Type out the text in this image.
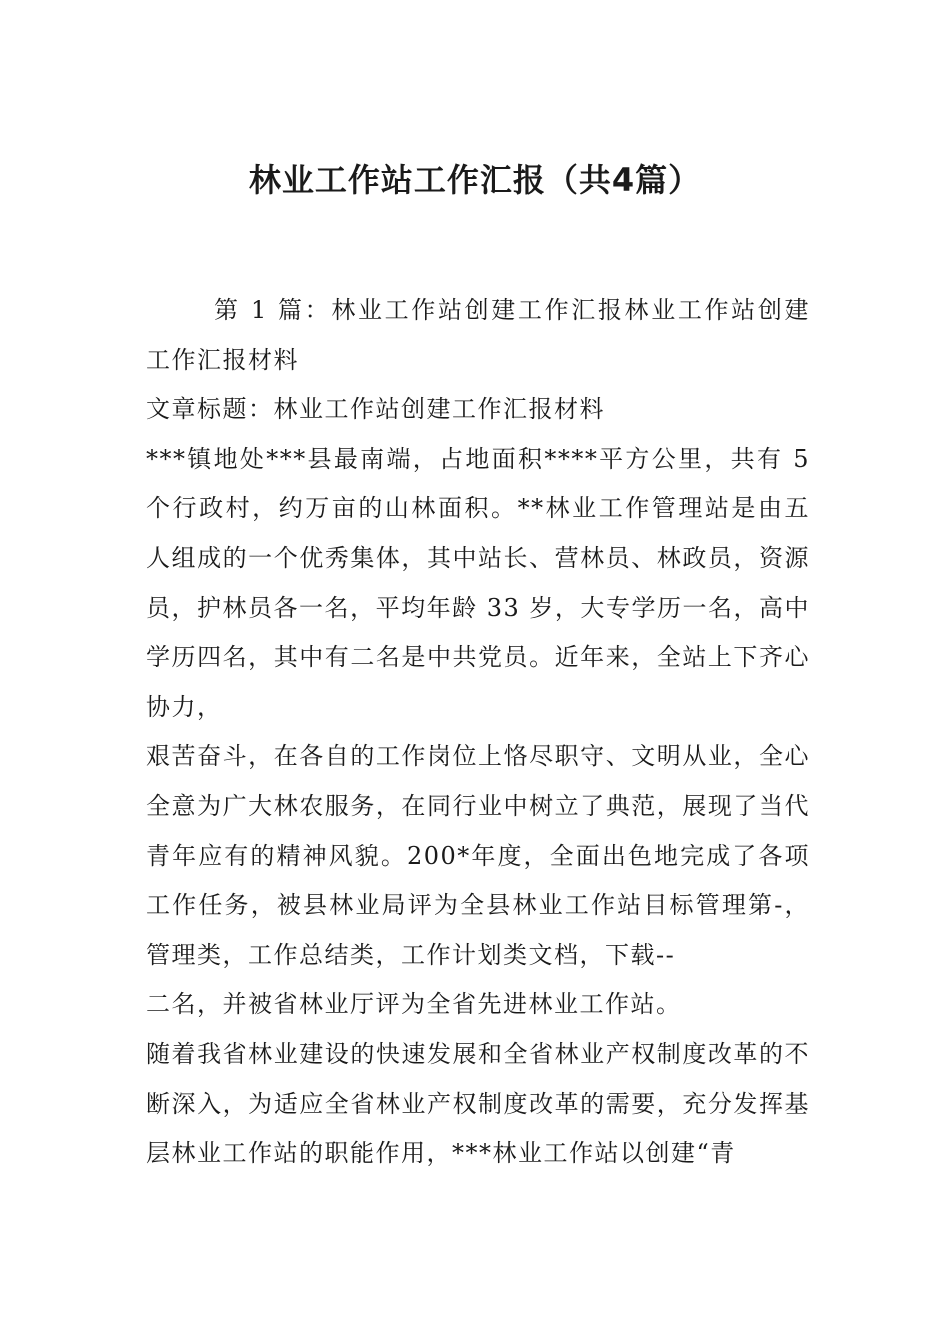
林业工作站工作汇报（共4篇）

第 1 篇：林业工作站创建工作汇报林业工作站创建工作汇报材料

文章标题：林业工作站创建工作汇报材料

***镇地处***县最南端，占地面积****平方公里，共有 5 个行政村，约万亩的山林面积。**林业工作管理站是由五人组成的一个优秀集体，其中站长、营林员、林政员，资源员，护林员各一名，平均年龄 33 岁，大专学历一名，高中学历四名，其中有二名是中共党员。近年来，全站上下齐心协力，

艰苦奋斗，在各自的工作岗位上恪尽职守、文明从业，全心全意为广大林农服务，在同行业中树立了典范，展现了当代青年应有的精神风貌。200*年度，全面出色地完成了各项工作任务，被县林业局评为全县林业工作站目标管理第-，管理类，工作总结类，工作计划类文档，下载--

二名，并被省林业厅评为全省先进林业工作站。

随着我省林业建设的快速发展和全省林业产权制度改革的不断深入，为适应全省林业产权制度改革的需要，充分发挥基层林业工作站的职能作用，***林业工作站以创建“青
